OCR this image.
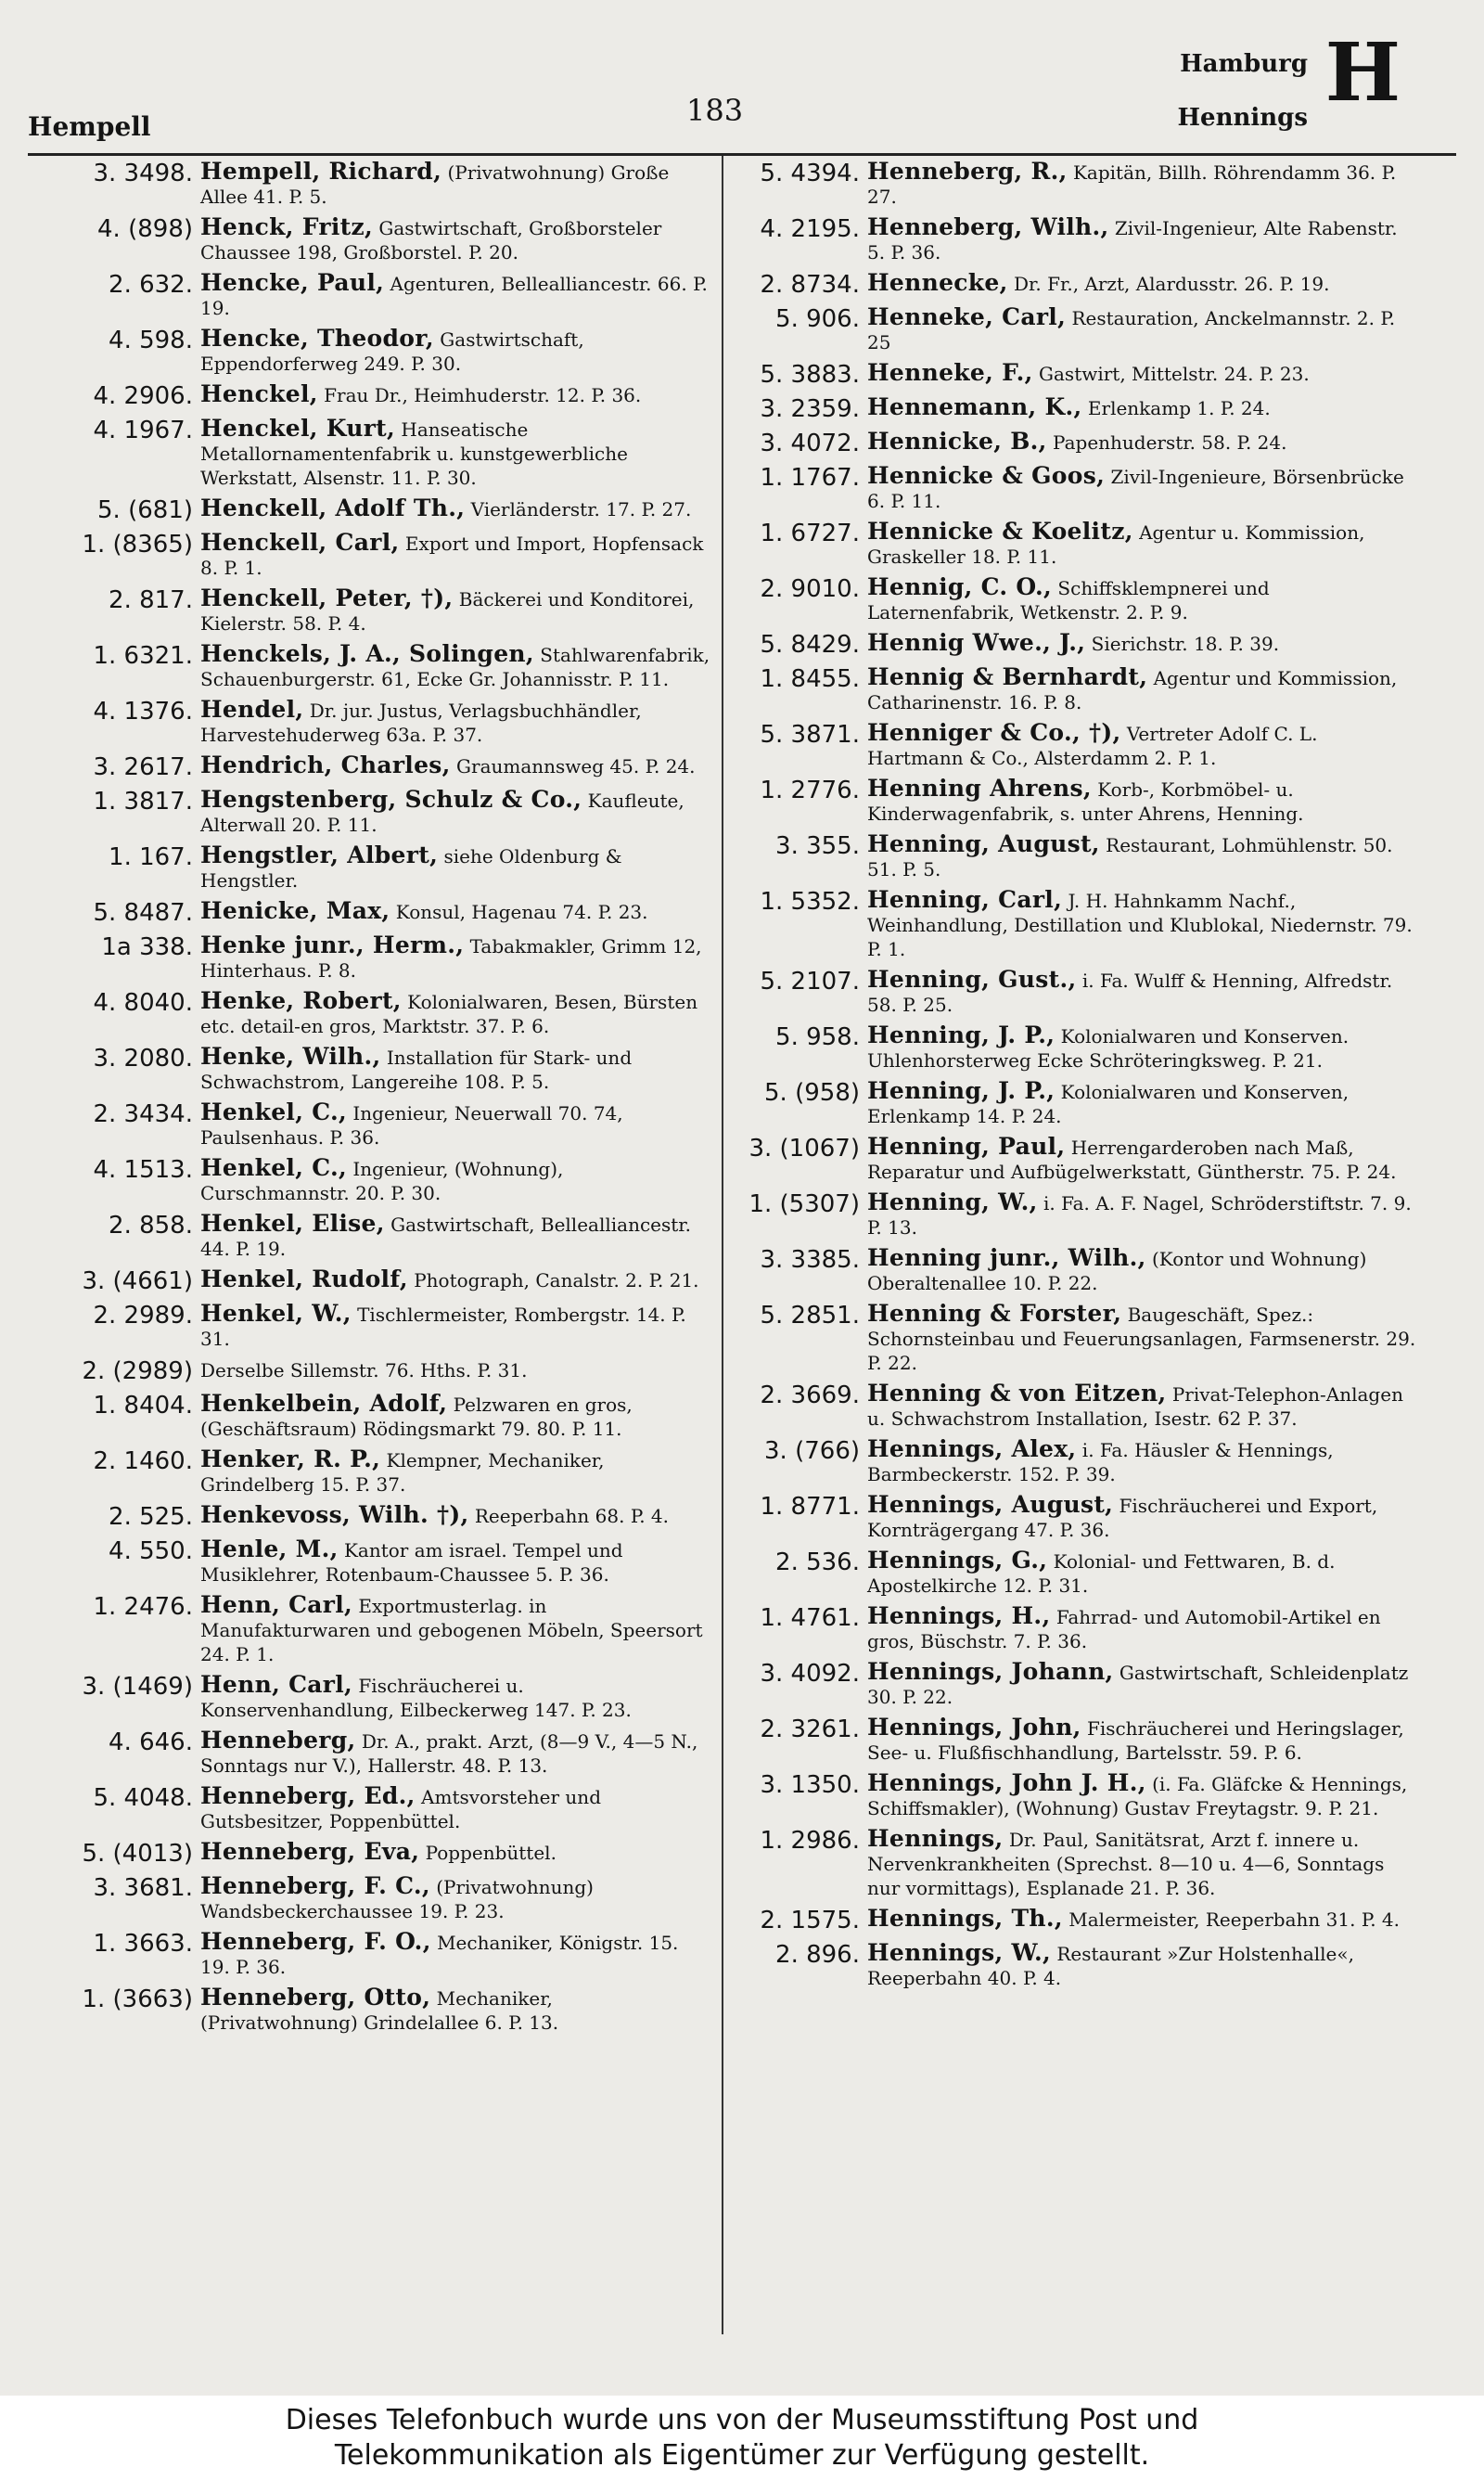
Hempell	183
Hamburg
Hennings H
3. 3498. Hempell, Richard, (Privatwohnung) Große Allee 41. P. 5.
4. (898) Henck, Fritz, Gastwirtschaft, Großborsteler Chaussee 198, Großborstel. P. 20.
2. 632. Hencke, Paul, Agenturen, Bellealliancestr. 66. P. 19.
4. 598. Hencke, Theodor, Gastwirtschaft, Eppendorferweg 249. P. 30.
4. 2906. Henckel, Frau Dr., Heimhuderstr. 12. P. 36.
4. 1967. Henckel, Kurt, Hanseatische Metallornamentenfabrik u. kunstgewerbliche Werkstatt, Alsenstr. 11. P. 30.
5. (681) Henckell, Adolf Th., Vierländerstr. 17. P. 27.
1. (8365) Henckell, Carl, Export und Import, Hopfensack 8. P. 1.
2. 817. Henckell, Peter, †), Bäckerei und Konditorei, Kielerstr. 58. P. 4.
1. 6321. Henckels, J. A., Solingen, Stahlwarenfabrik, Schauenburgerstr. 61, Ecke Gr. Johannisstr. P. 11.
4. 1376. Hendel, Dr. jur. Justus, Verlagsbuchhändler, Harvestehuderweg 63a. P. 37.
3. 2617. Hendrich, Charles, Graumannsweg 45. P. 24.
1. 3817. Hengstenberg, Schulz & Co., Kaufleute, Alterwall 20. P. 11.
1. 167. Hengstler, Albert, siehe Oldenburg & Hengstler.
5. 8487. Henicke, Max, Konsul, Hagenau 74. P. 23.
1a 338. Henke junr., Herm., Tabakmakler, Grimm 12, Hinterhaus. P. 8.
4. 8040. Henke, Robert, Kolonialwaren, Besen, Bürsten etc. detail-en gros, Marktstr. 37. P. 6.
3. 2080. Henke, Wilh., Installation für Stark- und Schwachstrom, Langereihe 108. P. 5.
2. 3434. Henkel, C., Ingenieur, Neuerwall 70. 74, Paulsenhaus. P. 36.
4. 1513. Henkel, C., Ingenieur, (Wohnung), Curschmannstr. 20. P. 30.
2. 858. Henkel, Elise, Gastwirtschaft, Bellealliancestr. 44. P. 19.
3. (4661) Henkel, Rudolf, Photograph, Canalstr. 2. P. 21.
2. 2989. Henkel, W., Tischlermeister, Rombergstr. 14. P. 31.
2. (2989) Derselbe Sillemstr. 76. Hths. P. 31.
1. 8404. Henkelbein, Adolf, Pelzwaren en gros, (Geschäftsraum) Rödingsmarkt 79. 80. P. 11.
2. 1460. Henker, R. P., Klempner, Mechaniker, Grindelberg 15. P. 37.
2. 525. Henkevoss, Wilh. †), Reeperbahn 68. P. 4.
4. 550. Henle, M., Kantor am israel. Tempel und Musiklehrer, Rotenbaum-Chaussee 5. P. 36.
1. 2476. Henn, Carl, Exportmusterlag. in Manufakturwaren und gebogenen Möbeln, Speersort 24. P. 1.
3. (1469) Henn, Carl, Fischräucherei u. Konservenhandlung, Eilbeckerweg 147. P. 23.
4. 646. Henneberg, Dr. A., prakt. Arzt, (8—9 V., 4—5 N., Sonntags nur V.), Hallerstr. 48. P. 13.
5. 4048. Henneberg, Ed., Amtsvorsteher und Gutsbesitzer, Poppenbüttel.
5. (4013) Henneberg, Eva, Poppenbüttel.
3. 3681. Henneberg, F. C., (Privatwohnung) Wandsbeckerchaussee 19. P. 23.
1. 3663. Henneberg, F. O., Mechaniker, Königstr. 15. 19. P. 36.
1. (3663) Henneberg, Otto, Mechaniker, (Privatwohnung) Grindelallee 6. P. 13.
5. 4394. Henneberg, R., Kapitän, Billh. Röhrendamm 36. P. 27.
4. 2195. Henneberg, Wilh., Zivil-Ingenieur, Alte Rabenstr. 5. P. 36.
2. 8734. Hennecke, Dr. Fr., Arzt, Alardusstr. 26. P. 19.
5. 906. Henneke, Carl, Restauration, Anckelmannstr. 2. P. 25
5. 3883. Henneke, F., Gastwirt, Mittelstr. 24. P. 23.
3. 2359. Hennemann, K., Erlenkamp 1. P. 24.
3. 4072. Hennicke, B., Papenhuderstr. 58. P. 24.
1. 1767. Hennicke & Goos, Zivil-Ingenieure, Börsenbrücke 6. P. 11.
1. 6727. Hennicke & Koelitz, Agentur u. Kommission, Graskeller 18. P. 11.
2. 9010. Hennig, C. O., Schiffsklempnerei und Laternenfabrik, Wetkenstr. 2. P. 9.
5. 8429. Hennig Wwe., J., Sierichstr. 18. P. 39.
1. 8455. Hennig & Bernhardt, Agentur und Kommission, Catharinenstr. 16. P. 8.
5. 3871. Henniger & Co., †), Vertreter Adolf C. L. Hartmann & Co., Alsterdamm 2. P. 1.
1. 2776. Henning Ahrens, Korb-, Korbmöbel- u. Kinderwagenfabrik, s. unter Ahrens, Henning.
3. 355. Henning, August, Restaurant, Lohmühlenstr. 50. 51. P. 5.
1. 5352. Henning, Carl, J. H. Hahnkamm Nachf., Weinhandlung, Destillation und Klublokal, Niedernstr. 79. P. 1.
5. 2107. Henning, Gust., i. Fa. Wulff & Henning, Alfredstr. 58. P. 25.
5. 958. Henning, J. P., Kolonialwaren und Konserven. Uhlenhorsterweg Ecke Schröteringksweg. P. 21.
5. (958) Henning, J. P., Kolonialwaren und Konserven, Erlenkamp 14. P. 24.
3. (1067) Henning, Paul, Herrengarderoben nach Maß, Reparatur und Aufbügelwerkstatt, Güntherstr. 75. P. 24.
1. (5307) Henning, W., i. Fa. A. F. Nagel, Schröderstiftstr. 7. 9. P. 13.
3. 3385. Henning junr., Wilh., (Kontor und Wohnung) Oberaltenallee 10. P. 22.
5. 2851. Henning & Forster, Baugeschäft, Spez.: Schornsteinbau und Feuerungsanlagen, Farmsenerstr. 29. P. 22.
2. 3669. Henning & von Eitzen, Privat-Telephon-Anlagen u. Schwachstrom Installation, Isestr. 62 P. 37.
3. (766) Hennings, Alex, i. Fa. Häusler & Hennings, Barmbeckerstr. 152. P. 39.
1. 8771. Hennings, August, Fischräucherei und Export, Kornträgergang 47. P. 36.
2. 536. Hennings, G., Kolonial- und Fettwaren, B. d. Apostelkirche 12. P. 31.
1. 4761. Hennings, H., Fahrrad- und Automobil-Artikel en gros, Büschstr. 7. P. 36.
3. 4092. Hennings, Johann, Gastwirtschaft, Schleidenplatz 30. P. 22.
2. 3261. Hennings, John, Fischräucherei und Heringslager, See- u. Flußfischhandlung, Bartelsstr. 59. P. 6.
3. 1350. Hennings, John J. H., (i. Fa. Gläfcke & Hennings, Schiffsmakler), (Wohnung) Gustav Freytagstr. 9. P. 21.
1. 2986. Hennings, Dr. Paul, Sanitätsrat, Arzt f. innere u. Nervenkrankheiten (Sprechst. 8—10 u. 4—6, Sonntags nur vormittags), Esplanade 21. P. 36.
2. 1575. Hennings, Th., Malermeister, Reeperbahn 31. P. 4.
2. 896. Hennings, W., Restaurant »Zur Holstenhalle«, Reeperbahn 40. P. 4.
Dieses Telefonbuch wurde uns von der Museumsstiftung Post und
Telekommunikation als Eigentümer zur Verfügung gestellt.
